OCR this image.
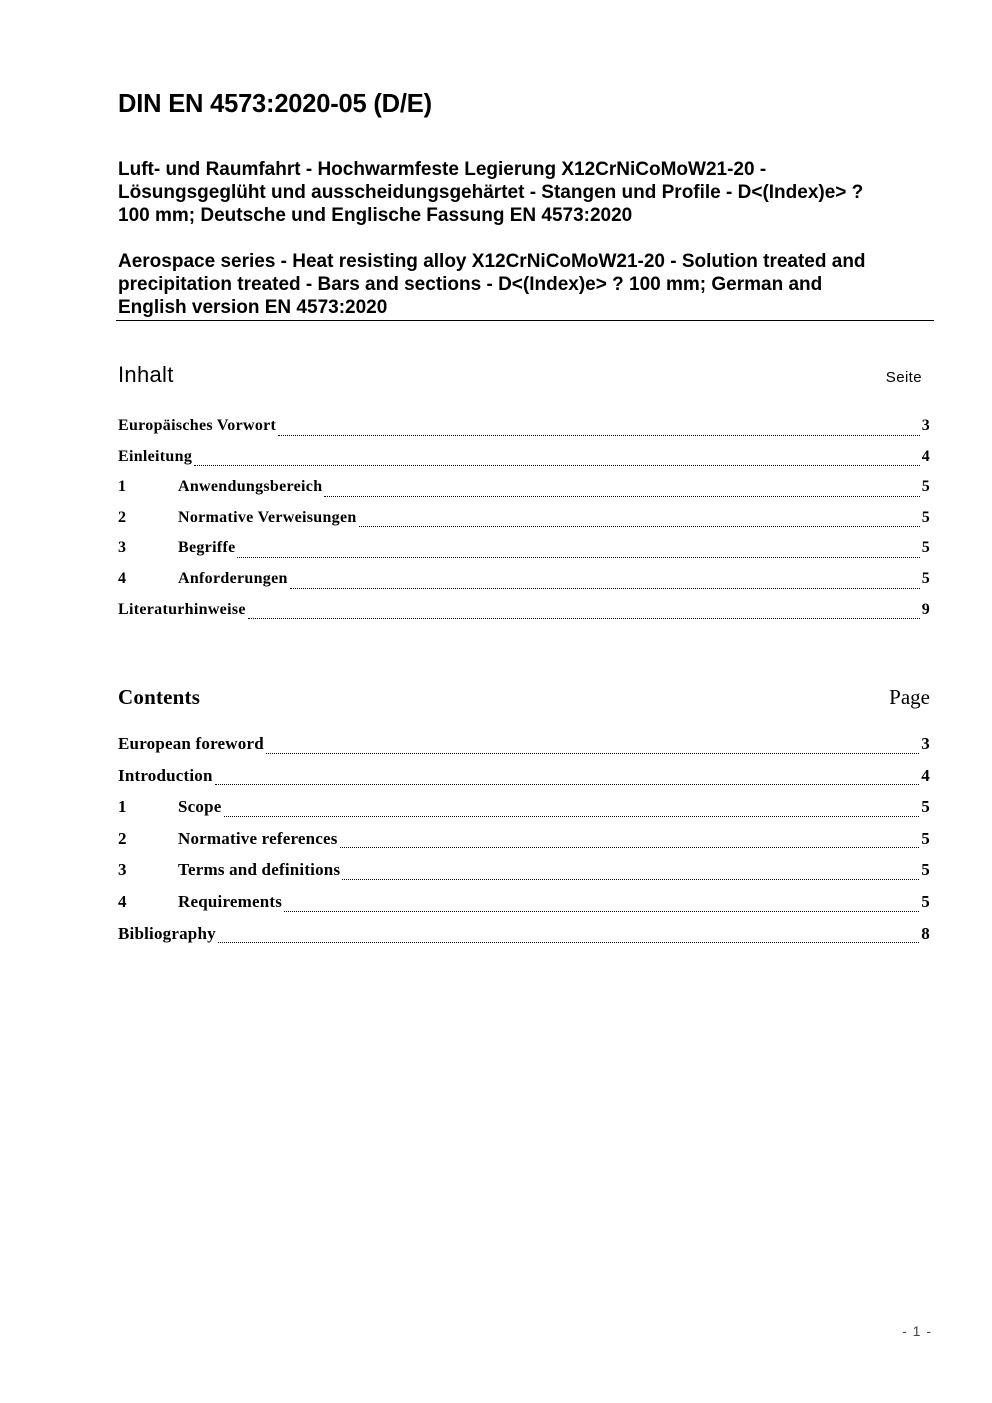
DIN EN 4573:2020-05 (D/E)
Luft- und Raumfahrt - Hochwarmfeste Legierung X12CrNiCoMoW21-20 -
Lösungsgeglüht und ausscheidungsgehärtet - Stangen und Profile - D<(Index)e> ?
100 mm; Deutsche und Englische Fassung EN 4573:2020
Aerospace series - Heat resisting alloy X12CrNiCoMoW21-20 - Solution treated and
precipitation treated - Bars and sections - D<(Index)e> ? 100 mm; German and
English version EN 4573:2020
Inhalt	Seite
Europäisches Vorwort	3
Einleitung	4
1	Anwendungsbereich	5
2	Normative Verweisungen	5
3	Begriffe	5
4	Anforderungen	5
Literaturhinweise	9
Contents	Page
European foreword	3
Introduction	4
1	Scope	5
2	Normative references	5
3	Terms and definitions	5
4	Requirements	5
Bibliography	8
- 1 -
